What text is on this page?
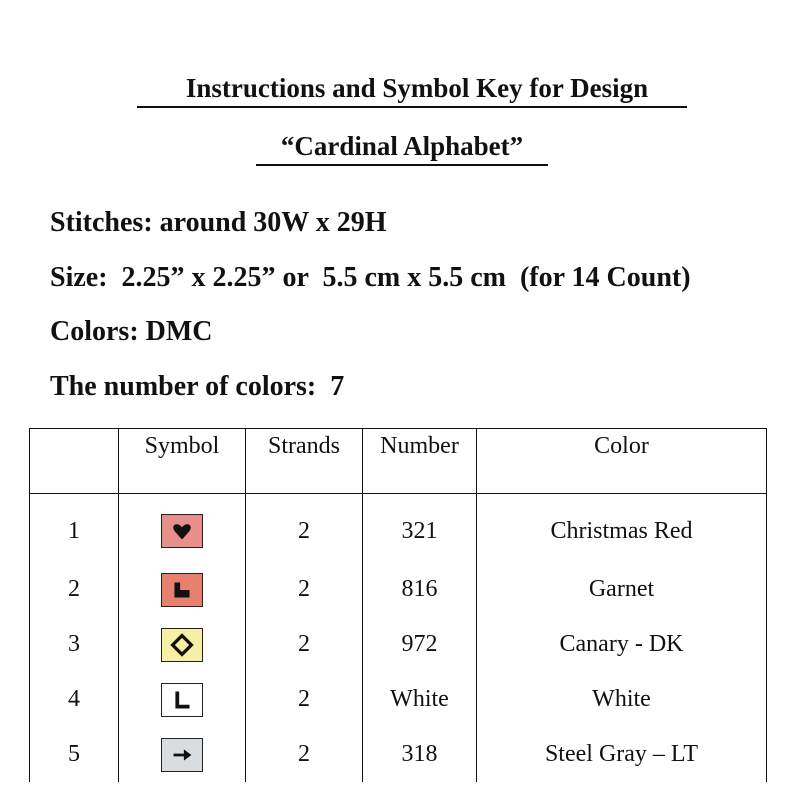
Instructions and Symbol Key for Design
“Cardinal Alphabet”
Stitches: around 30W x 29H
Size:  2.25” x 2.25” or  5.5 cm x 5.5 cm  (for 14 Count)
Colors: DMC
The number of colors:  7
	Symbol	Strands	Number	Color
1		2	321	Christmas Red
2		2	816	Garnet
3		2	972	Canary - DK
4		2	White	White
5		2	318	Steel Gray – LT
